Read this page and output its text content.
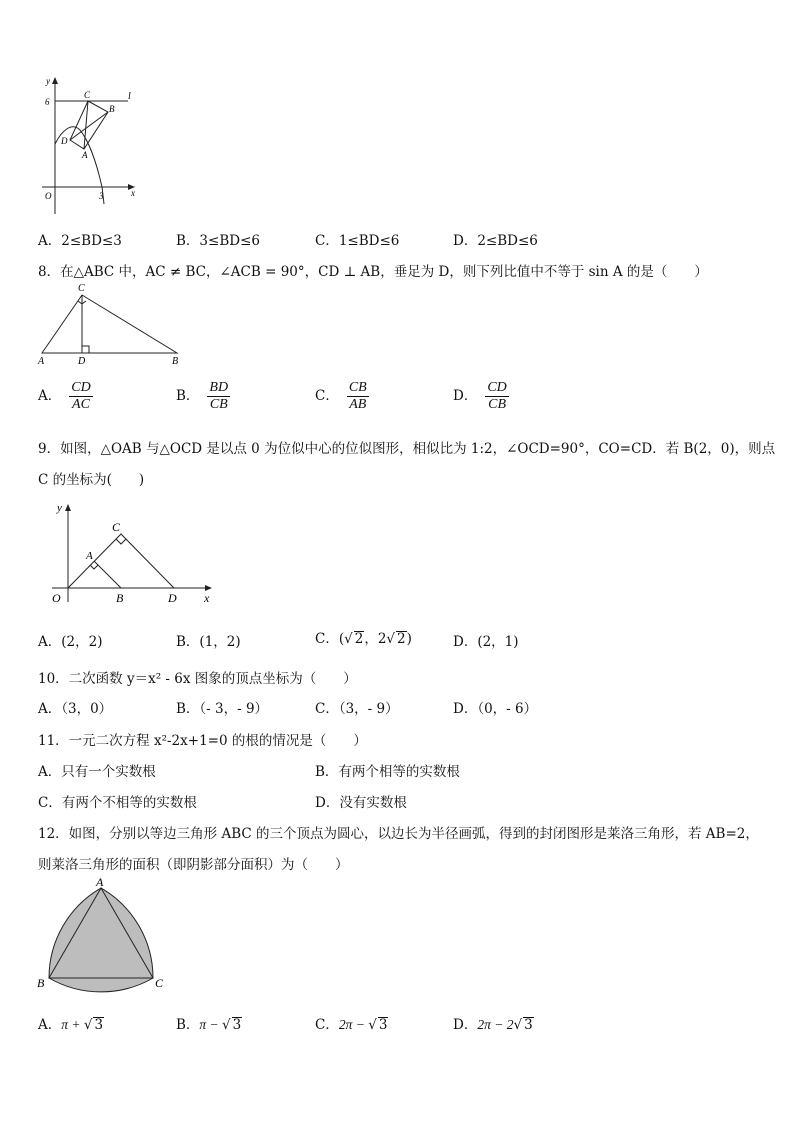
y
6	l
C
B
D
A
O	3	x
A．2≤BD≤3	B．3≤BD≤6	C．1≤BD≤6	D．2≤BD≤6
8．在△ABC 中，AC ≠ BC，∠ACB = 90°，CD ⊥ AB，垂足为 D，则下列比值中不等于 sin A 的是（　　）
C
A	D	B
A． $\frac{CD}{AC}$	B． $\frac{BD}{CB}$	C． $\frac{CB}{AB}$	D． $\frac{CD}{CB}$
9．如图，△OAB 与△OCD 是以点 0 为位似中心的位似图形，相似比为 1:2，∠OCD=90°，CO=CD．若 B(2，0)，则点
C 的坐标为(　　)
y
C
A
O	B	D x
A．(2，2)	B．(1，2)	C．(√ 2，2√ 2)	D．(2，1)
10．二次函数 y＝x² - 6x 图象的顶点坐标为（　　）
A．（3，0）	B．（- 3，- 9）	C．（3，- 9）	D．（0，- 6）
11．一元二次方程 x²-2x+1=0 的根的情况是（　　）
A．只有一个实数根	B．有两个相等的实数根
C．有两个不相等的实数根	D．没有实数根
12．如图，分别以等边三角形 ABC 的三个顶点为圆心，以边长为半径画弧，得到的封闭图形是莱洛三角形，若 AB=2，
则莱洛三角形的面积（即阴影部分面积）为（　　）
A
B	C
A．π + √ 3	B．π − √ 3	C．2π − √ 3	D．2π − 2√ 3
